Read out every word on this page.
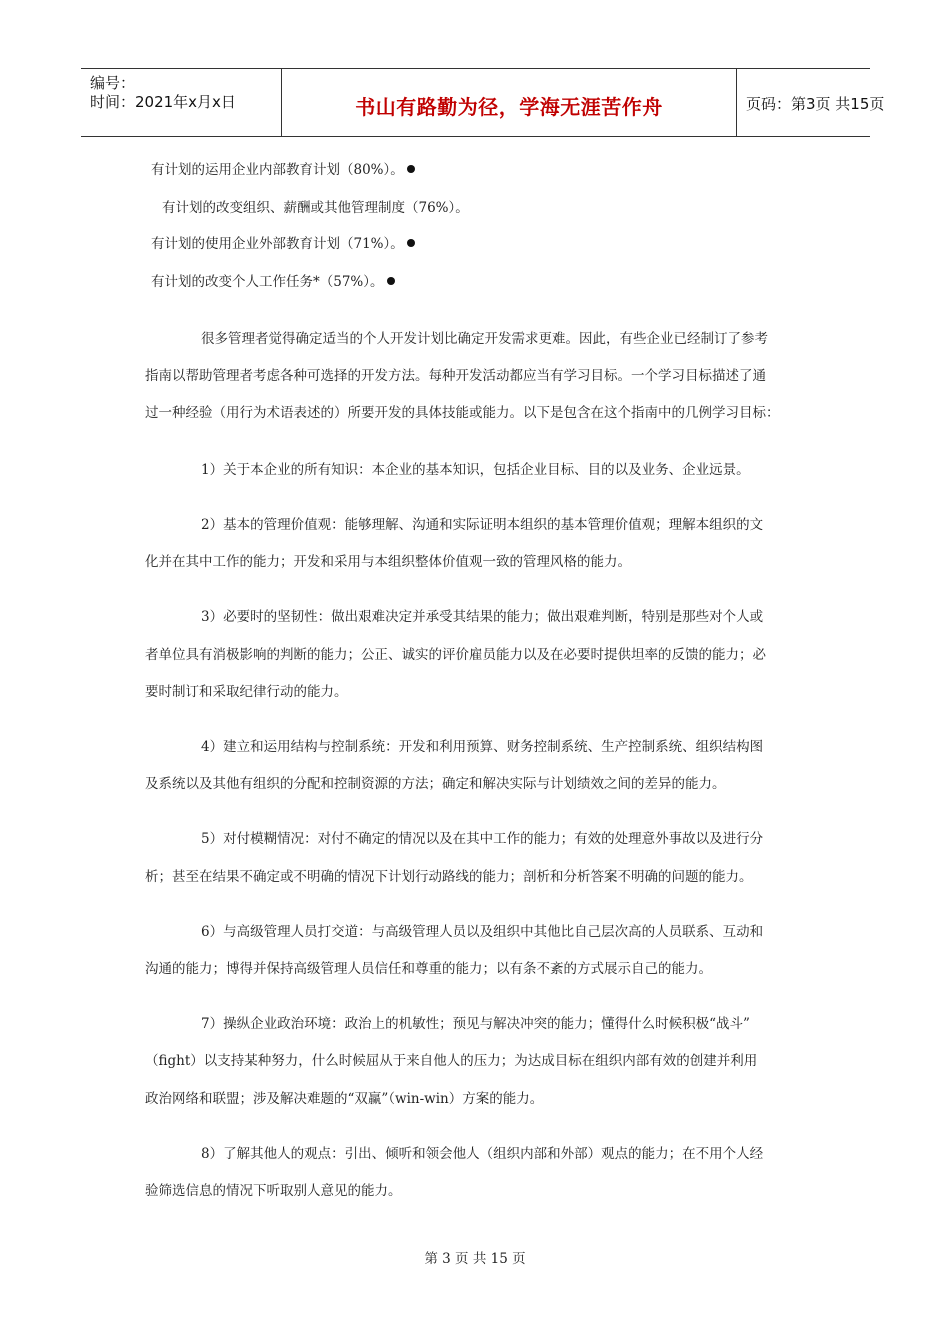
编号：
时间：2021年x月x日	书山有路勤为径，学海无涯苦作舟	页码：第3页 共15页
有计划的运用企业内部教育计划（80%）。
有计划的改变组织、薪酬或其他管理制度（76%）。
有计划的使用企业外部教育计划（71%）。
有计划的改变个人工作任务*（57%）。
很多管理者觉得确定适当的个人开发计划比确定开发需求更难。因此，有些企业已经制订了参考
指南以帮助管理者考虑各种可选择的开发方法。每种开发活动都应当有学习目标。一个学习目标描述了通
过一种经验（用行为术语表述的）所要开发的具体技能或能力。以下是包含在这个指南中的几例学习目标：
1）关于本企业的所有知识：本企业的基本知识，包括企业目标、目的以及业务、企业远景。
2）基本的管理价值观：能够理解、沟通和实际证明本组织的基本管理价值观；理解本组织的文
化并在其中工作的能力；开发和采用与本组织整体价值观一致的管理风格的能力。
3）必要时的坚韧性：做出艰难决定并承受其结果的能力；做出艰难判断，特别是那些对个人或
者单位具有消极影响的判断的能力；公正、诚实的评价雇员能力以及在必要时提供坦率的反馈的能力；必
要时制订和采取纪律行动的能力。
4）建立和运用结构与控制系统：开发和利用预算、财务控制系统、生产控制系统、组织结构图
及系统以及其他有组织的分配和控制资源的方法；确定和解决实际与计划绩效之间的差异的能力。
5）对付模糊情况：对付不确定的情况以及在其中工作的能力；有效的处理意外事故以及进行分
析；甚至在结果不确定或不明确的情况下计划行动路线的能力；剖析和分析答案不明确的问题的能力。
6）与高级管理人员打交道：与高级管理人员以及组织中其他比自己层次高的人员联系、互动和
沟通的能力；博得并保持高级管理人员信任和尊重的能力；以有条不紊的方式展示自己的能力。
7）操纵企业政治环境：政治上的机敏性；预见与解决冲突的能力；懂得什么时候积极“战斗”
（fight）以支持某种努力，什么时候屈从于来自他人的压力；为达成目标在组织内部有效的创建并利用
政治网络和联盟；涉及解决难题的“双赢”（win-win）方案的能力。
8）了解其他人的观点：引出、倾听和领会他人（组织内部和外部）观点的能力；在不用个人经
验筛选信息的情况下听取别人意见的能力。
第 3 页 共 15 页
